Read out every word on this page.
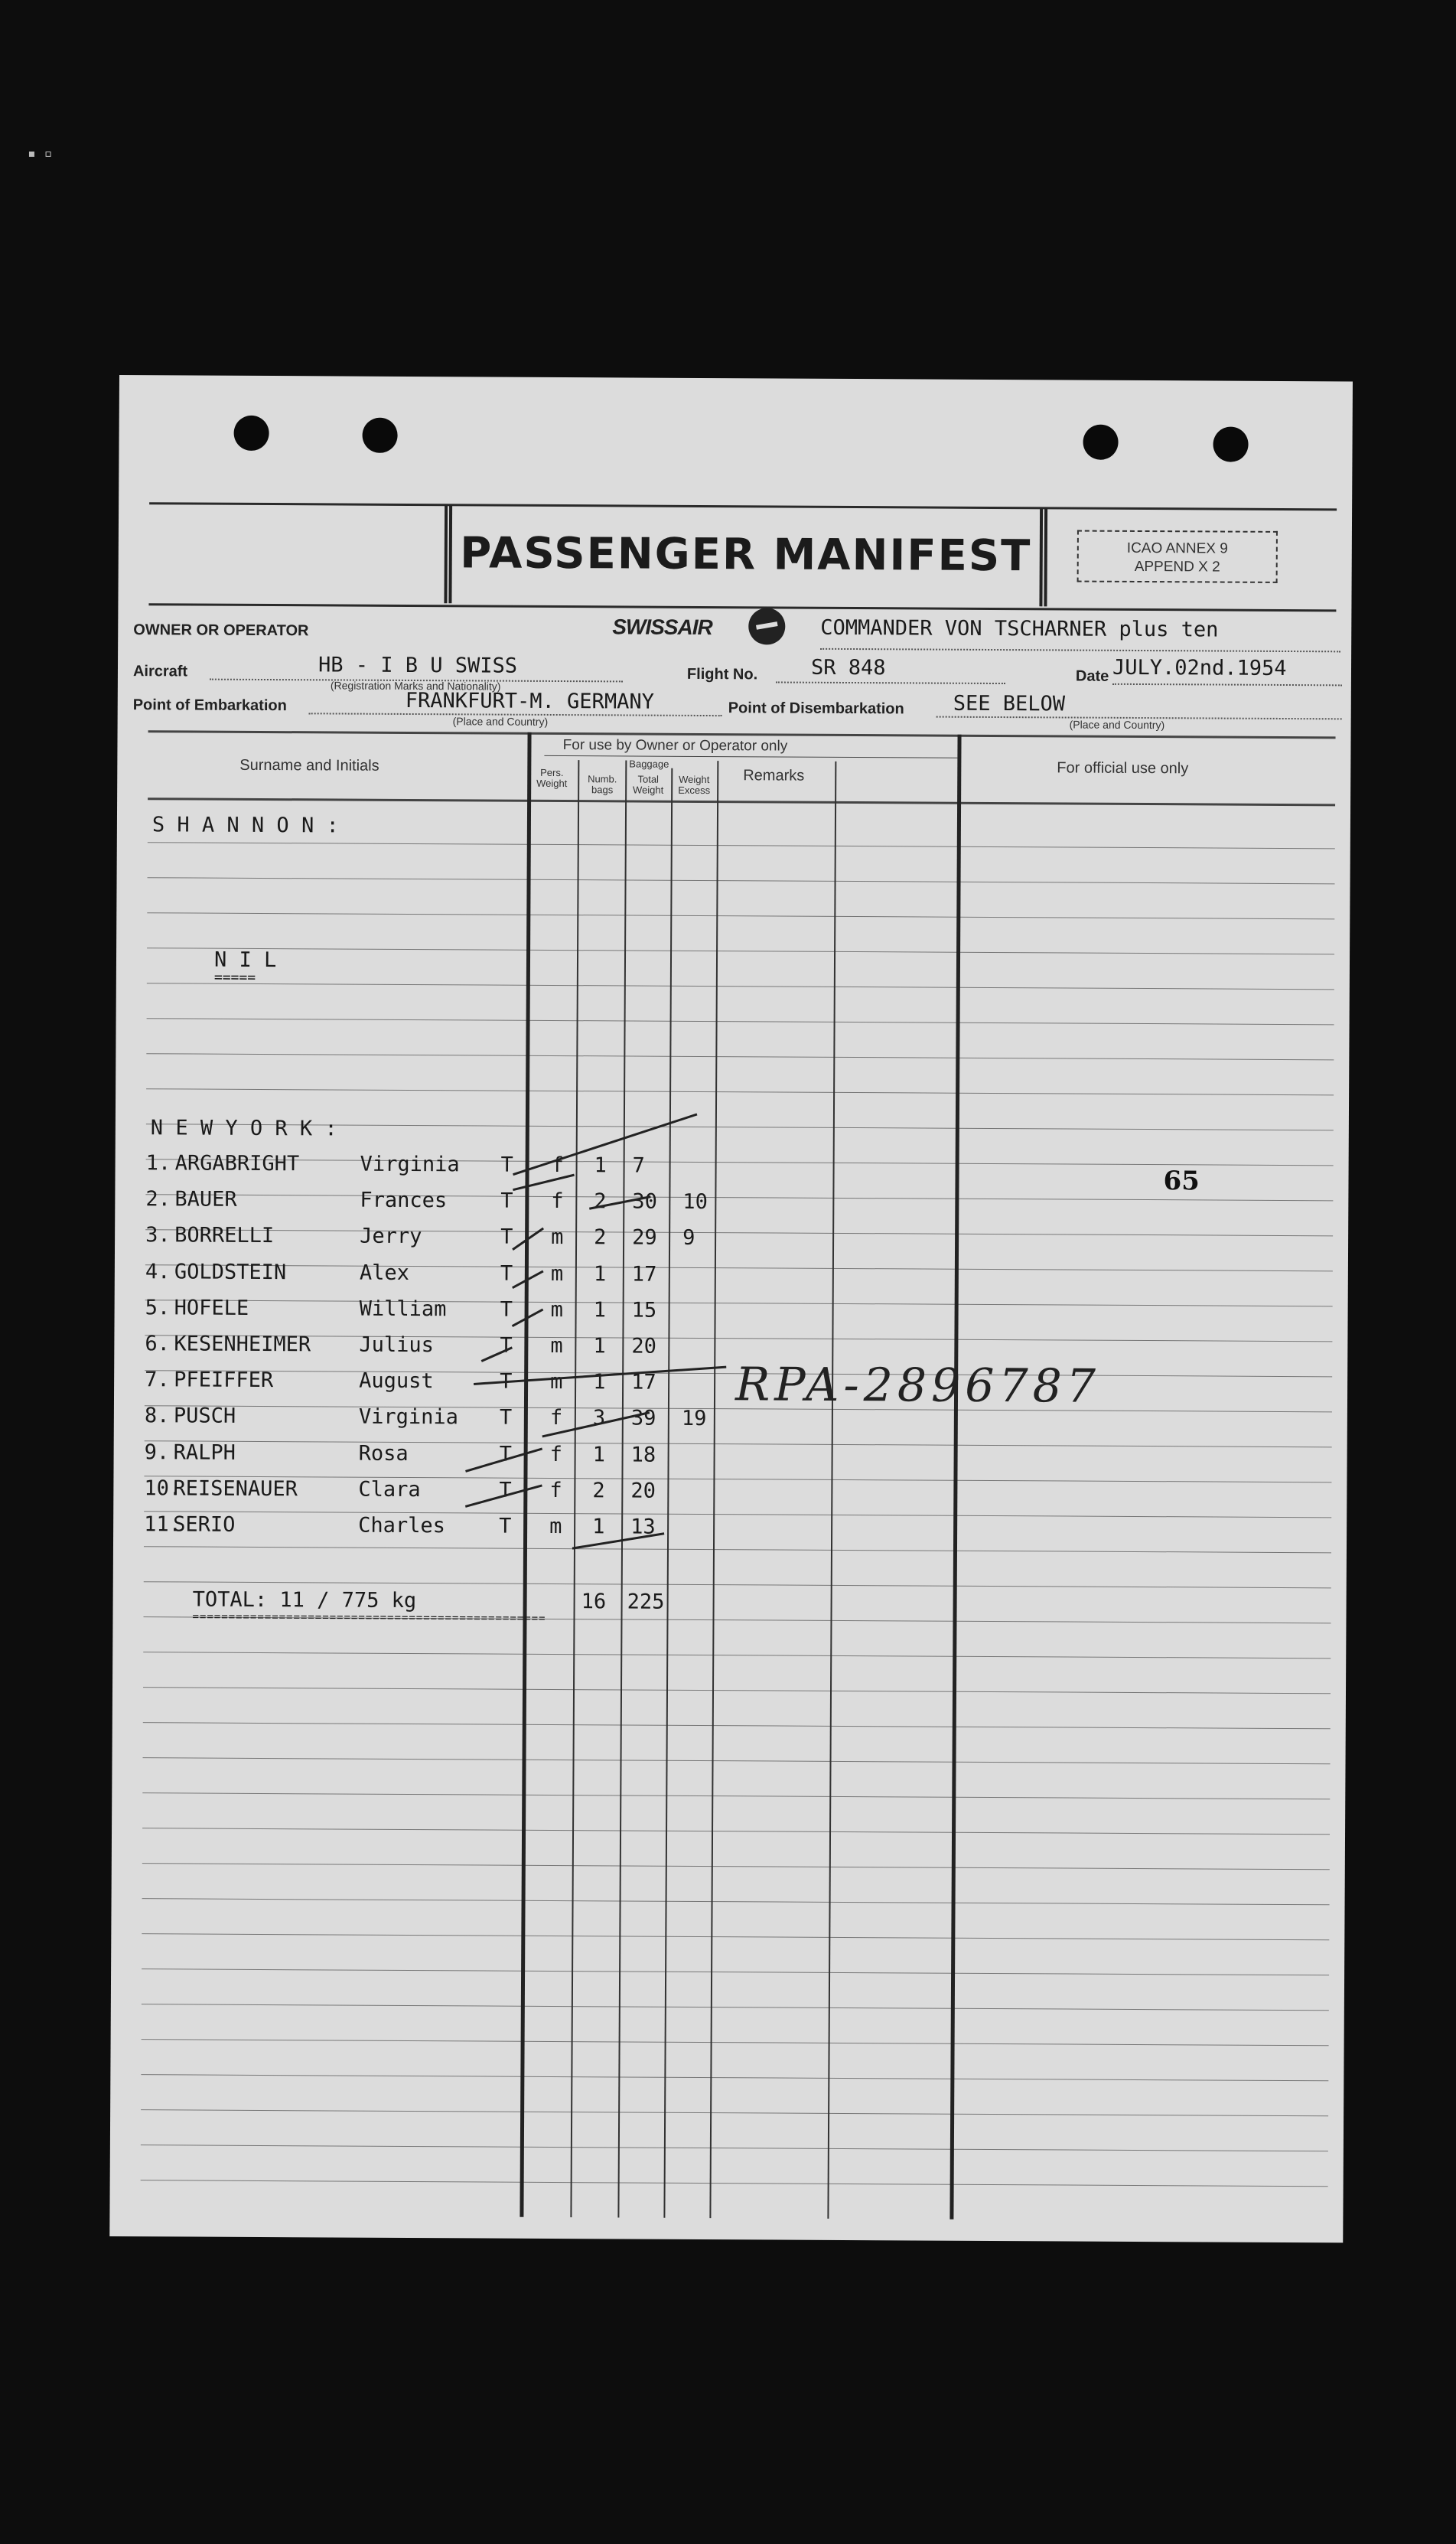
▪ ▫
PASSENGER MANIFEST	ICAO ANNEX 9
APPEND X 2
OWNER OR OPERATOR	SWISSAIR	COMMANDER VON TSCHARNER plus ten
Aircraft	HB - I B U SWISS
(Registration Marks and Nationality)
Flight No.	SR 848	Date JULY.02nd.1954
Point of Embarkation	FRANKFURT-M. GERMANY
(Place and Country)
Point of Disembarkation SEE BELOW
(Place and Country)
Surname and Initials
For use by Owner or Operator only
Pers. Weight
Baggage
Numb. bags
Total Weight
Weight Excess
Remarks	For official use only
S H A N N O N :
N I L
=====
N E W Y O R K :
1. ARGABRIGHT	Virginia T f 1 7
2. BAUER	Frances	T f 2 30 10
3. BORRELLI	Jerry	T m 2 29 9
4. GOLDSTEIN	Alex	T m 1 17
5. HOFELE	William	T m 1 15
6. KESENHEIMER Julius	T m 1 20
7. PFEIFFER	August	T m 1 17
8. PUSCH	Virginia T f 3 39 19
9. RALPH	Rosa	T f 1 18
10.
REISENAUER	Clara	T f 2 20
11.
SERIO	Charles	T m 1 13
TOTAL: 11 / 775 kg	16 225
=================================================
RPA-2896787
65
